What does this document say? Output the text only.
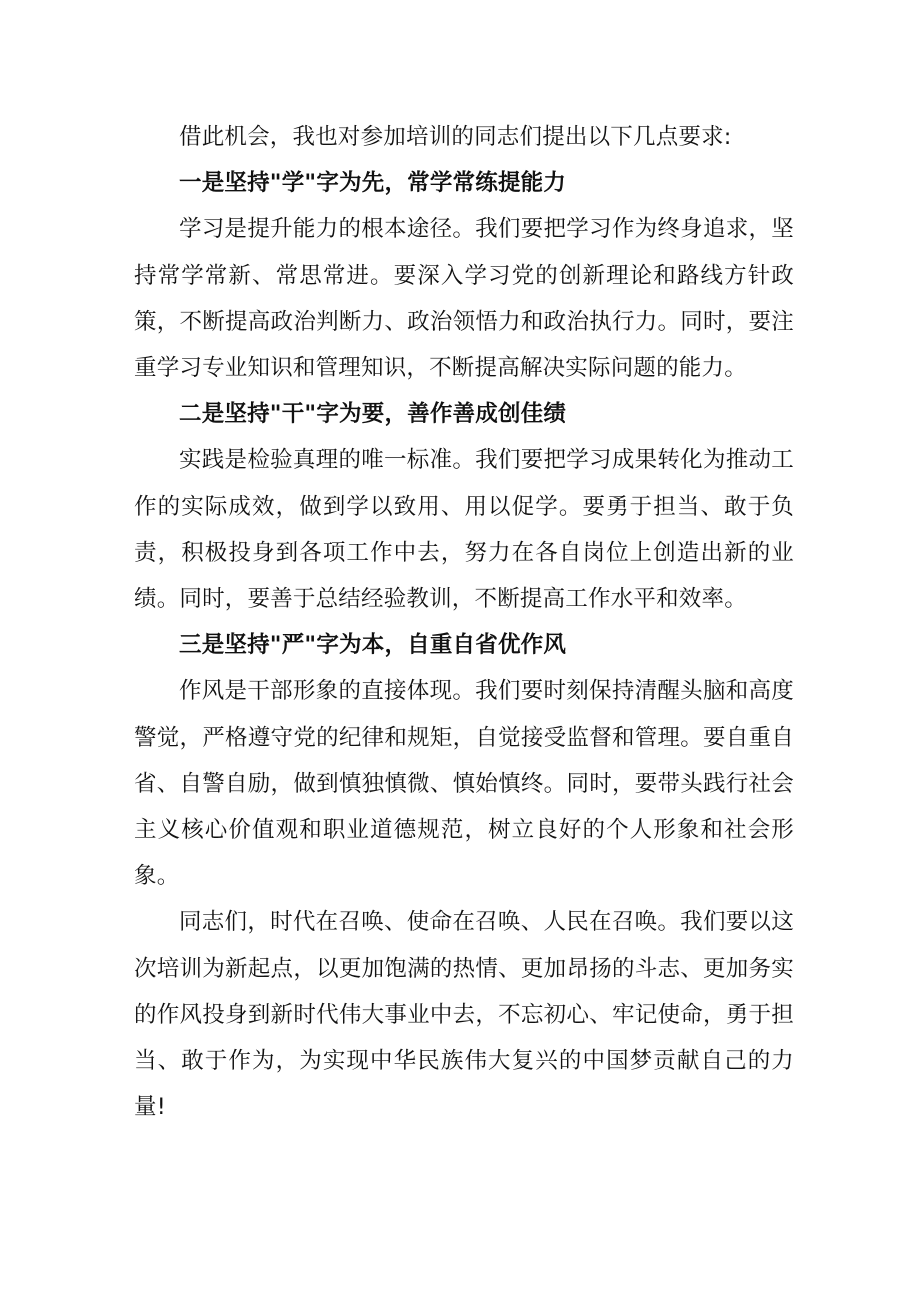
借此机会，我也对参加培训的同志们提出以下几点要求:

一是坚持"学"字为先，常学常练提能力

学习是提升能力的根本途径。我们要把学习作为终身追求，坚持常学常新、常思常进。要深入学习党的创新理论和路线方针政策，不断提高政治判断力、政治领悟力和政治执行力。同时，要注重学习专业知识和管理知识，不断提高解决实际问题的能力。

二是坚持"干"字为要，善作善成创佳绩

实践是检验真理的唯一标准。我们要把学习成果转化为推动工作的实际成效，做到学以致用、用以促学。要勇于担当、敢于负责，积极投身到各项工作中去，努力在各自岗位上创造出新的业绩。同时，要善于总结经验教训，不断提高工作水平和效率。

三是坚持"严"字为本，自重自省优作风

作风是干部形象的直接体现。我们要时刻保持清醒头脑和高度警觉，严格遵守党的纪律和规矩，自觉接受监督和管理。要自重自省、自警自励，做到慎独慎微、慎始慎终。同时，要带头践行社会主义核心价值观和职业道德规范，树立良好的个人形象和社会形象。

同志们，时代在召唤、使命在召唤、人民在召唤。我们要以这次培训为新起点，以更加饱满的热情、更加昂扬的斗志、更加务实的作风投身到新时代伟大事业中去，不忘初心、牢记使命，勇于担当、敢于作为，为实现中华民族伟大复兴的中国梦贡献自己的力量!
